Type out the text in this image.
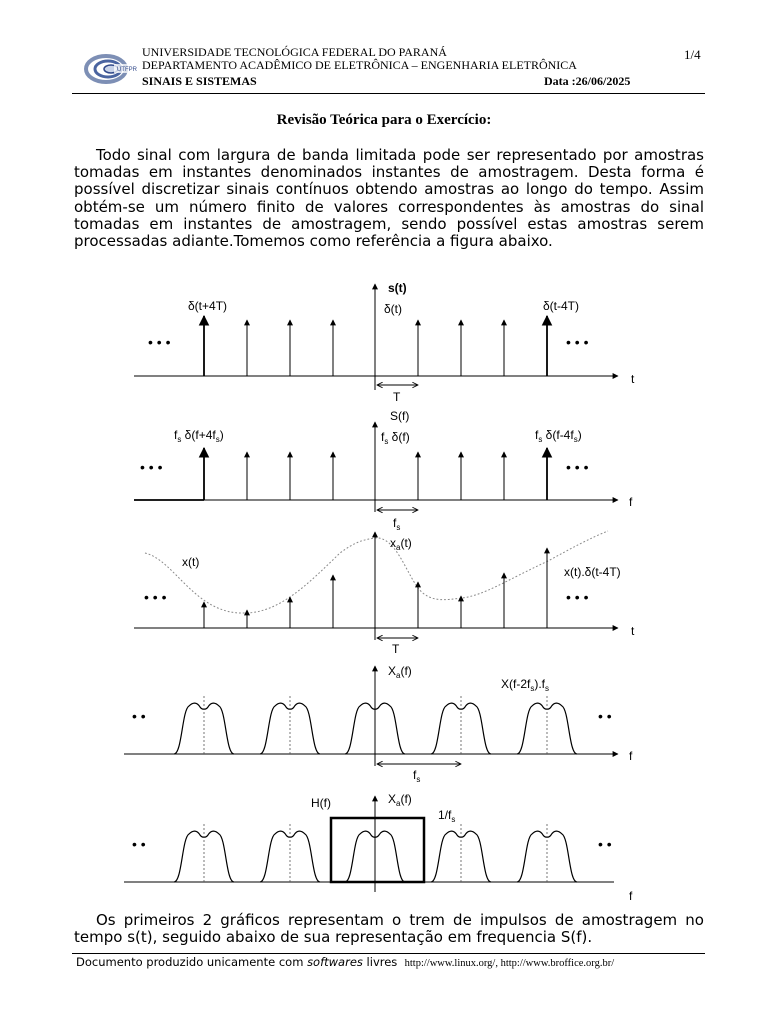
UTFPR
UNIVERSIDADE TECNOLÓGICA FEDERAL DO PARANÁ
DEPARTAMENTO ACADÊMICO DE ELETRÔNICA – ENGENHARIA ELETRÔNICA
SINAIS E SISTEMAS	Data :26/06/2025
1/4
Revisão Teórica para o Exercício:
Todo sinal com largura de banda limitada pode ser representado por amostras tomadas em instantes denominados instantes de amostragem. Desta forma é possível discretizar sinais contínuos obtendo amostras ao longo do tempo. Assim obtém-se um número finito de valores correspondentes às amostras do sinal tomadas em instantes de amostragem, sendo possível estas amostras serem processadas adiante.Tomemos como referência a figura abaixo.
s(t)
t
δ(t+4T)	δ(t)	δ(t-4T)
T
• • •	• • •
S(f)
f
$f_s$ $\delta(f+4f_s)$	$f_s$ δ(f)	$f_s$ $\delta(f-4f_s)$
$f_s$
• • •	• • •
$x_a(t)$
t
x(t)
x(t).δ(t-4T)
T
• • •	• • •
$X_a(f)$
f
$X(f-2f_s).f_s$
$f_s$
• •	• •
$X_a(f)$
f
H(f)
$1/f_s$
• •	• •
Os primeiros 2 gráficos representam o trem de impulsos de amostragem no tempo s(t), seguido abaixo de sua representação em frequencia S(f).
Documento produzido unicamente com softwares livres http://www.linux.org/, http://www.broffice.org.br/
